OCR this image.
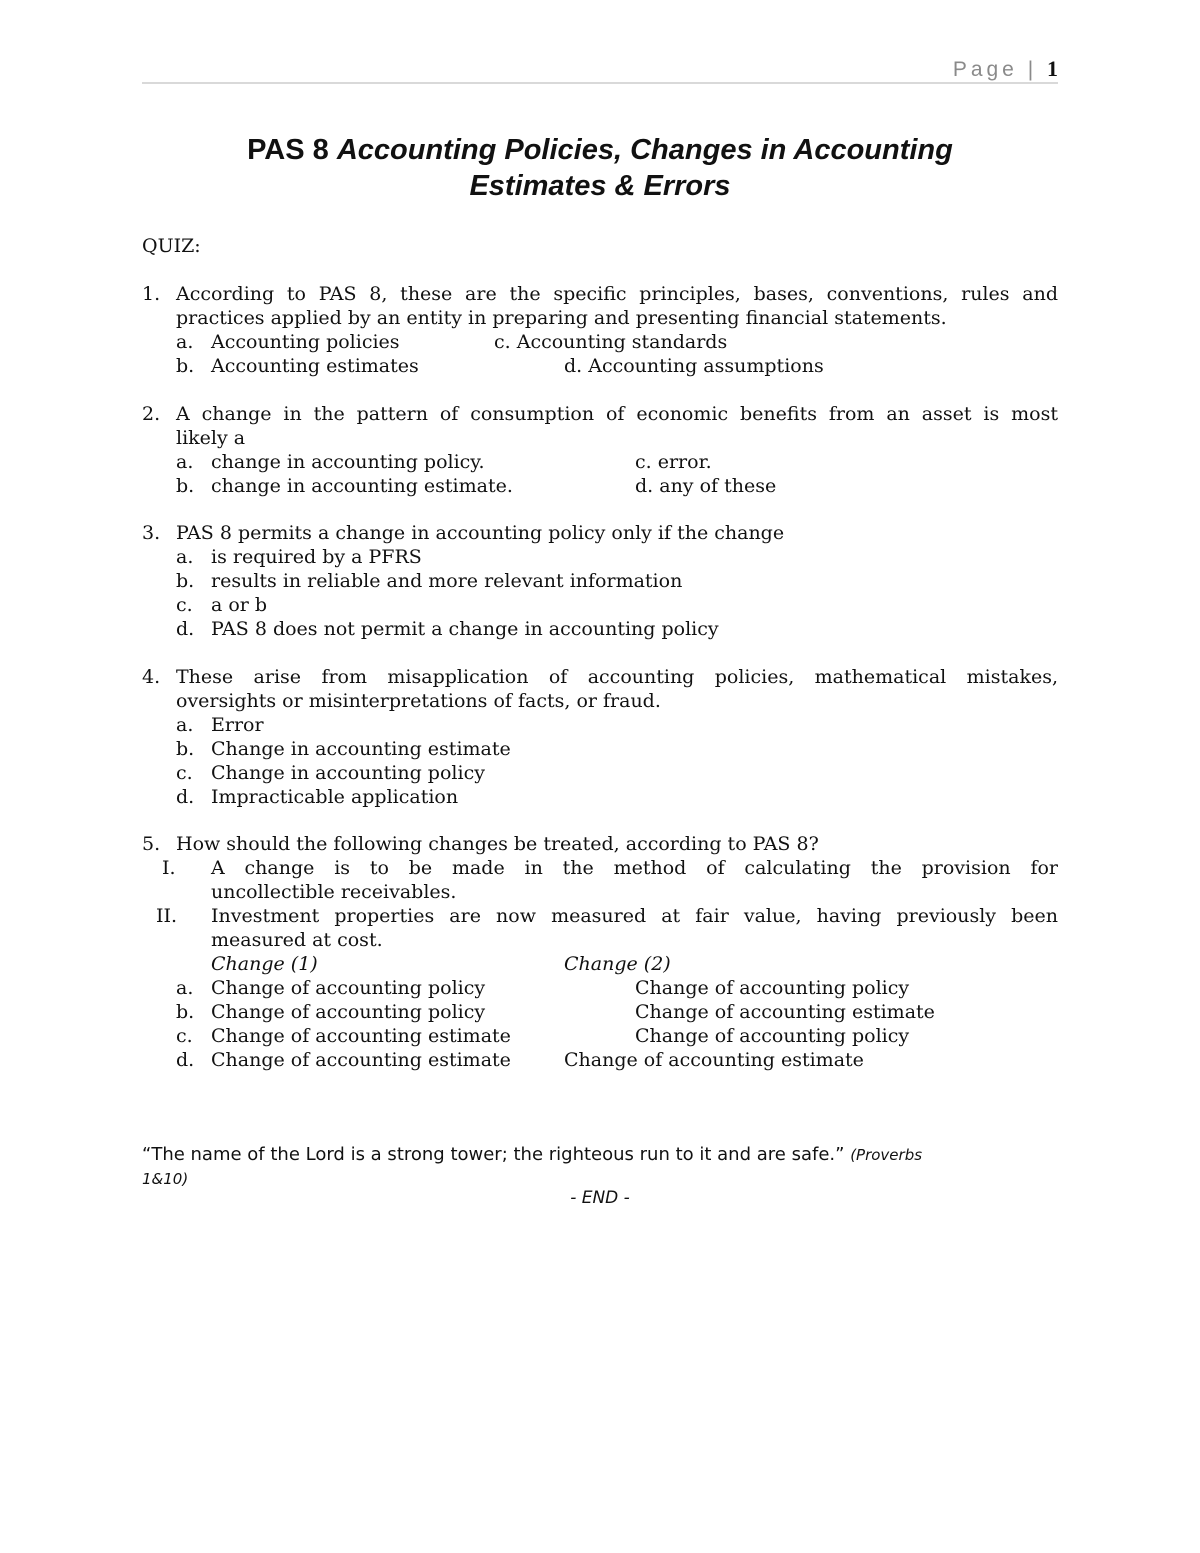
Page | 1
PAS 8 Accounting Policies, Changes in Accounting
Estimates & Errors
QUIZ:
1. According to PAS 8, these are the specific principles, bases, conventions, rules and
practices applied by an entity in preparing and presenting financial statements.
a. Accounting policies	c. Accounting standards
b. Accounting estimates	d. Accounting assumptions
2. A change in the pattern of consumption of economic benefits from an asset is most
likely a
a. change in accounting policy.	c. error.
b. change in accounting estimate.	d. any of these
3. PAS 8 permits a change in accounting policy only if the change
a. is required by a PFRS
b. results in reliable and more relevant information
c. a or b
d. PAS 8 does not permit a change in accounting policy
4. These arise from misapplication of accounting policies, mathematical mistakes,
oversights or misinterpretations of facts, or fraud.
a. Error
b. Change in accounting estimate
c. Change in accounting policy
d. Impracticable application
5. How should the following changes be treated, according to PAS 8?
I. A change is to be made in the method of calculating the provision for
uncollectible receivables.
II. Investment properties are now measured at fair value, having previously been
measured at cost.
Change (1)	Change (2)
a. Change of accounting policy	Change of accounting policy
b. Change of accounting policy	Change of accounting estimate
c. Change of accounting estimate	Change of accounting policy
d. Change of accounting estimate	Change of accounting estimate
“The name of the Lord is a strong tower; the righteous run to it and are safe.” (Proverbs
1&10)
- END -
